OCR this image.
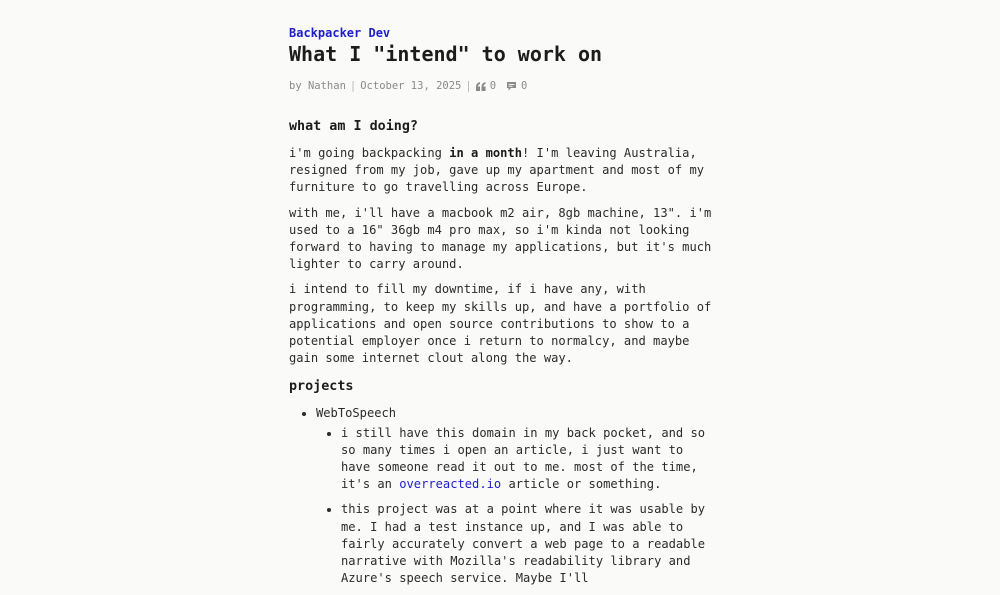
Backpacker Dev
What I "intend" to work on
by Nathan | October 13, 2025 | 0 0
what am I doing?

i'm going backpacking in a month! I'm leaving Australia, resigned from my job, gave up my apartment and most of my furniture to go travelling across Europe.

with me, i'll have a macbook m2 air, 8gb machine, 13". i'm used to a 16" 36gb m4 pro max, so i'm kinda not looking forward to having to manage my applications, but it's much lighter to carry around.

i intend to fill my downtime, if i have any, with programming, to keep my skills up, and have a portfolio of applications and open source contributions to show to a potential employer once i return to normalcy, and maybe gain some internet clout along the way.

projects
• WebToSpeech
• i still have this domain in my back pocket, and so so many times i open an article, i just want to have someone read it out to me. most of the time, it's an overreacted.io article or something.
• this project was at a point where it was usable by me. I had a test instance up, and I was able to fairly accurately convert a web page to a readable narrative with Mozilla's readability library and Azure's speech service. Maybe I'll
